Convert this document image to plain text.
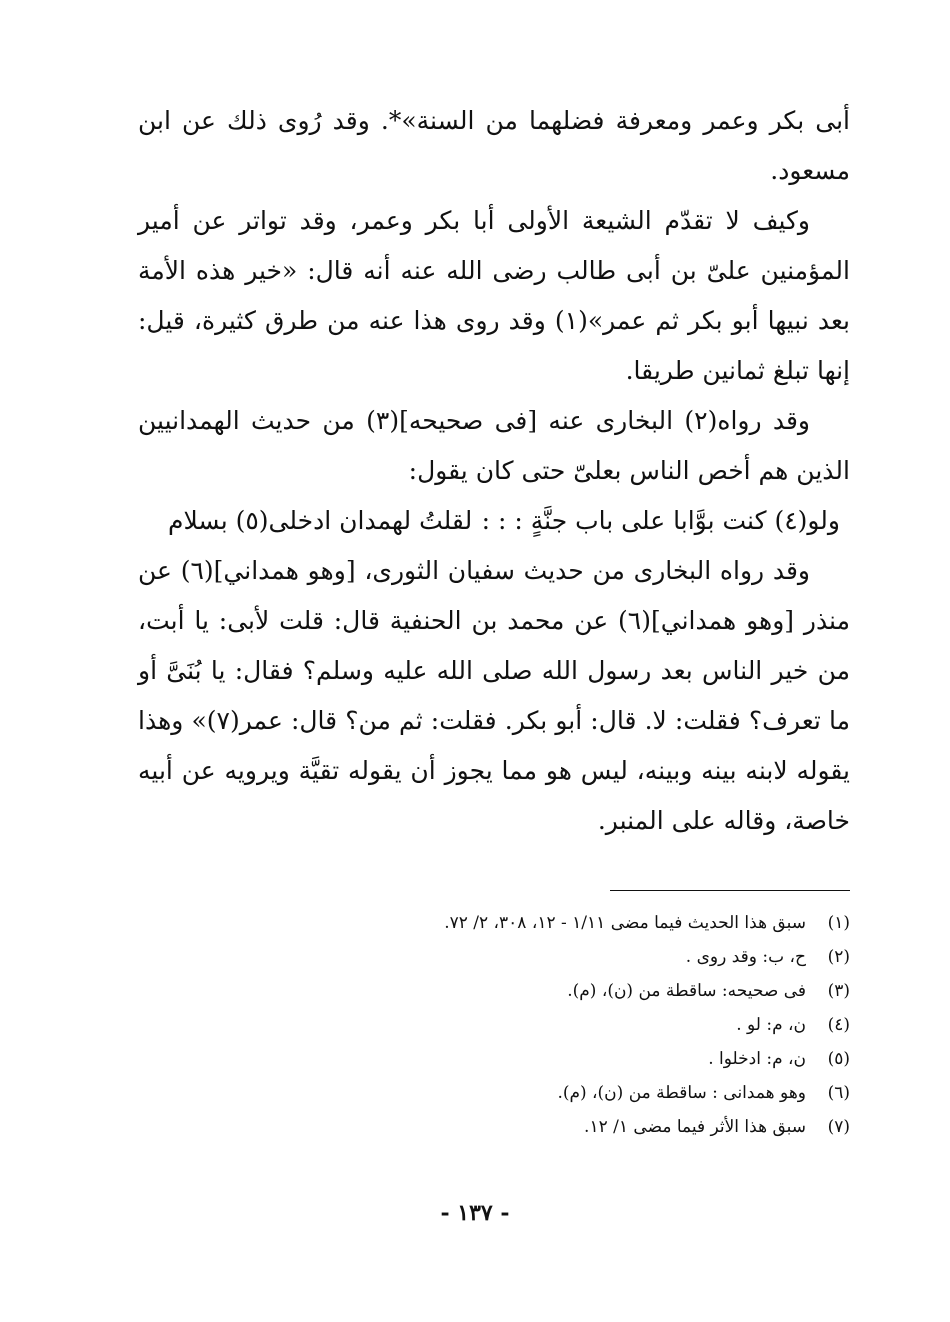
أبى بكر وعمر ومعرفة فضلهما من السنة»*. وقد رُوى ذلك عن ابن مسعود.

وكيف لا تقدّم الشيعة الأولى أبا بكر وعمر، وقد تواتر عن أمير المؤمنين علىّ بن أبى طالب رضى الله عنه أنه قال: «خير هذه الأمة بعد نبيها أبو بكر ثم عمر»(١) وقد روى هذا عنه من طرق كثيرة، قيل: إنها تبلغ ثمانين طريقا.

وقد رواه(٢) البخارى عنه [فى صحيحه](٣) من حديث الهمدانيين الذين هم أخص الناس بعلىّ حتى كان يقول:

ولو(٤) كنت بوَّابا على باب جنَّةٍ : : :
لقلتُ لهمدان ادخلى(٥) بسلام

وقد رواه البخارى من حديث سفيان الثورى، [وهو همداني](٦) عن منذر [وهو همداني](٦) عن محمد بن الحنفية قال: قلت لأبى: يا أبت، من خير الناس بعد رسول الله صلى الله عليه وسلم؟ فقال: يا بُنَىَّ أو ما تعرف؟ فقلت: لا. قال: أبو بكر. فقلت: ثم من؟ قال: عمر(٧)» وهذا يقوله لابنه بينه وبينه، ليس هو مما يجوز أن يقوله تقيَّة ويرويه عن أبيه خاصة، وقاله على المنبر.

(١)
سبق هذا الحديث فيما مضى ١/١١ - ١٢، ٣٠٨، ٢/ ٧٢.
(٢)
ح، ب: وقد روى .
(٣)
فى صحيحه: ساقطة من (ن)، (م).
(٤)
ن، م: لو .
(٥)
ن، م: ادخلوا .
(٦)
وهو همدانى : ساقطة من (ن)، (م).
(٧)
سبق هذا الأثر فيما مضى ١/ ١٢.
- ١٣٧ -
